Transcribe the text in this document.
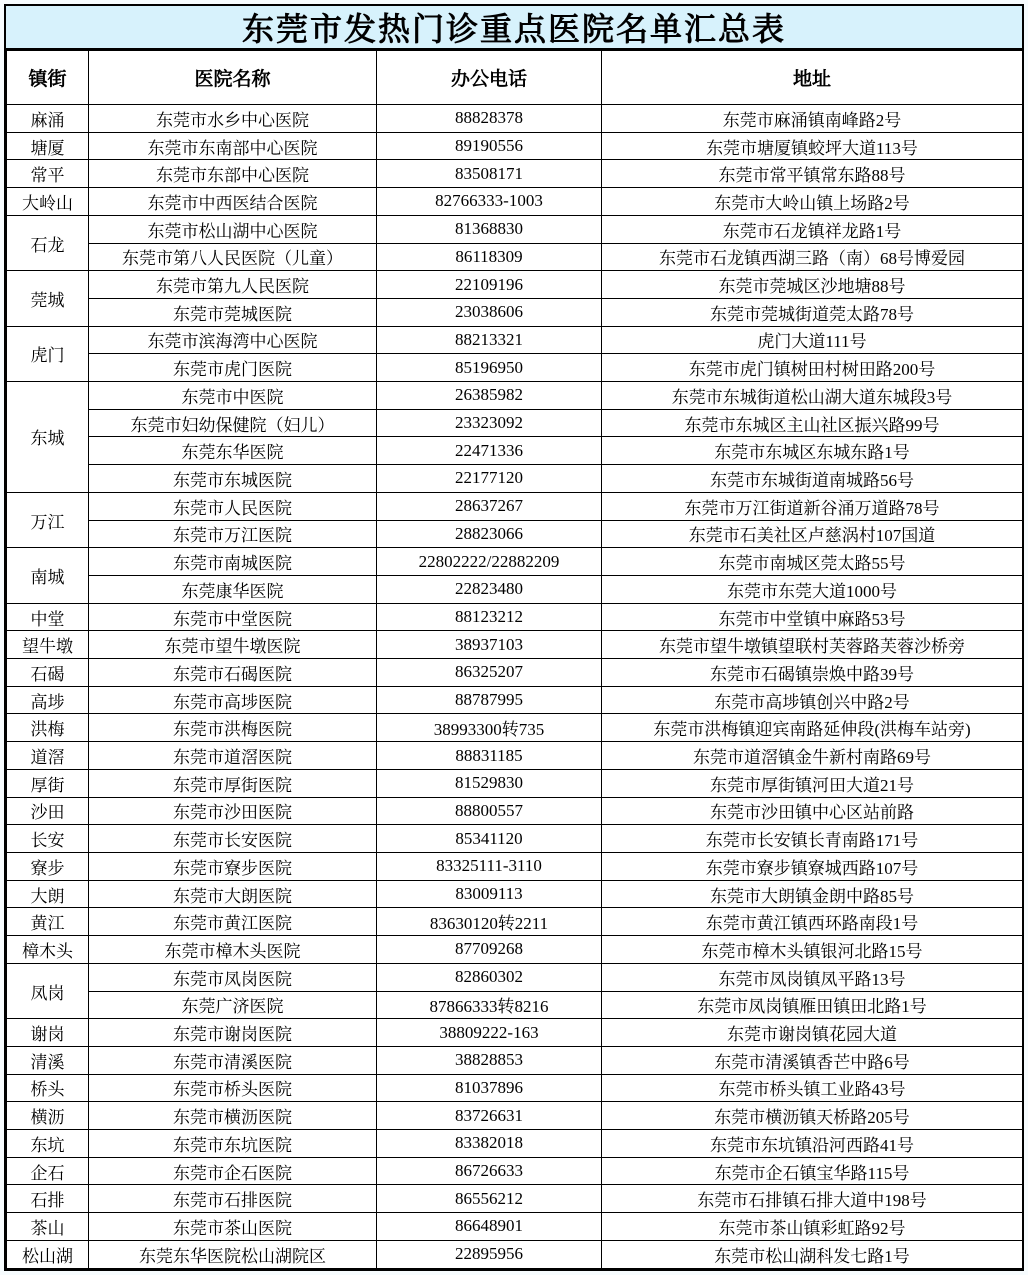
东莞市发热门诊重点医院名单汇总表
镇街	医院名称	办公电话	地址
麻涌	东莞市水乡中心医院	88828378	东莞市麻涌镇南峰路2号
塘厦	东莞市东南部中心医院	89190556	东莞市塘厦镇蛟坪大道113号
常平	东莞市东部中心医院	83508171	东莞市常平镇常东路88号
大岭山	东莞市中西医结合医院	82766333-1003	东莞市大岭山镇上场路2号
石龙	东莞市松山湖中心医院	81368830	东莞市石龙镇祥龙路1号
	东莞市第八人民医院（儿童）	86118309	东莞市石龙镇西湖三路（南）68号博爱园
莞城	东莞市第九人民医院	22109196	东莞市莞城区沙地塘88号
	东莞市莞城医院	23038606	东莞市莞城街道莞太路78号
虎门	东莞市滨海湾中心医院	88213321	虎门大道111号
	东莞市虎门医院	85196950	东莞市虎门镇树田村树田路200号
东城	东莞市中医院	26385982	东莞市东城街道松山湖大道东城段3号
	东莞市妇幼保健院（妇儿）	23323092	东莞市东城区主山社区振兴路99号
	东莞东华医院	22471336	东莞市东城区东城东路1号
	东莞市东城医院	22177120	东莞市东城街道南城路56号
万江	东莞市人民医院	28637267	东莞市万江街道新谷涌万道路78号
	东莞市万江医院	28823066	东莞市石美社区卢慈涡村107国道
南城	东莞市南城医院	22802222/22882209	东莞市南城区莞太路55号
	东莞康华医院	22823480	东莞市东莞大道1000号
中堂	东莞市中堂医院	88123212	东莞市中堂镇中麻路53号
望牛墩	东莞市望牛墩医院	38937103	东莞市望牛墩镇望联村芙蓉路芙蓉沙桥旁
石碣	东莞市石碣医院	86325207	东莞市石碣镇崇焕中路39号
高埗	东莞市高埗医院	88787995	东莞市高埗镇创兴中路2号
洪梅	东莞市洪梅医院	38993300转735	东莞市洪梅镇迎宾南路延伸段(洪梅车站旁)
道滘	东莞市道滘医院	88831185	东莞市道滘镇金牛新村南路69号
厚街	东莞市厚街医院	81529830	东莞市厚街镇河田大道21号
沙田	东莞市沙田医院	88800557	东莞市沙田镇中心区站前路
长安	东莞市长安医院	85341120	东莞市长安镇长青南路171号
寮步	东莞市寮步医院	83325111-3110	东莞市寮步镇寮城西路107号
大朗	东莞市大朗医院	83009113	东莞市大朗镇金朗中路85号
黄江	东莞市黄江医院	83630120转2211	东莞市黄江镇西环路南段1号
樟木头	东莞市樟木头医院	87709268	东莞市樟木头镇银河北路15号
凤岗	东莞市凤岗医院	82860302	东莞市凤岗镇凤平路13号
	东莞广济医院	87866333转8216	东莞市凤岗镇雁田镇田北路1号
谢岗	东莞市谢岗医院	38809222-163	东莞市谢岗镇花园大道
清溪	东莞市清溪医院	38828853	东莞市清溪镇香芒中路6号
桥头	东莞市桥头医院	81037896	东莞市桥头镇工业路43号
横沥	东莞市横沥医院	83726631	东莞市横沥镇天桥路205号
东坑	东莞市东坑医院	83382018	东莞市东坑镇沿河西路41号
企石	东莞市企石医院	86726633	东莞市企石镇宝华路115号
石排	东莞市石排医院	86556212	东莞市石排镇石排大道中198号
茶山	东莞市茶山医院	86648901	东莞市茶山镇彩虹路92号
松山湖	东莞东华医院松山湖院区	22895956	东莞市松山湖科发七路1号
